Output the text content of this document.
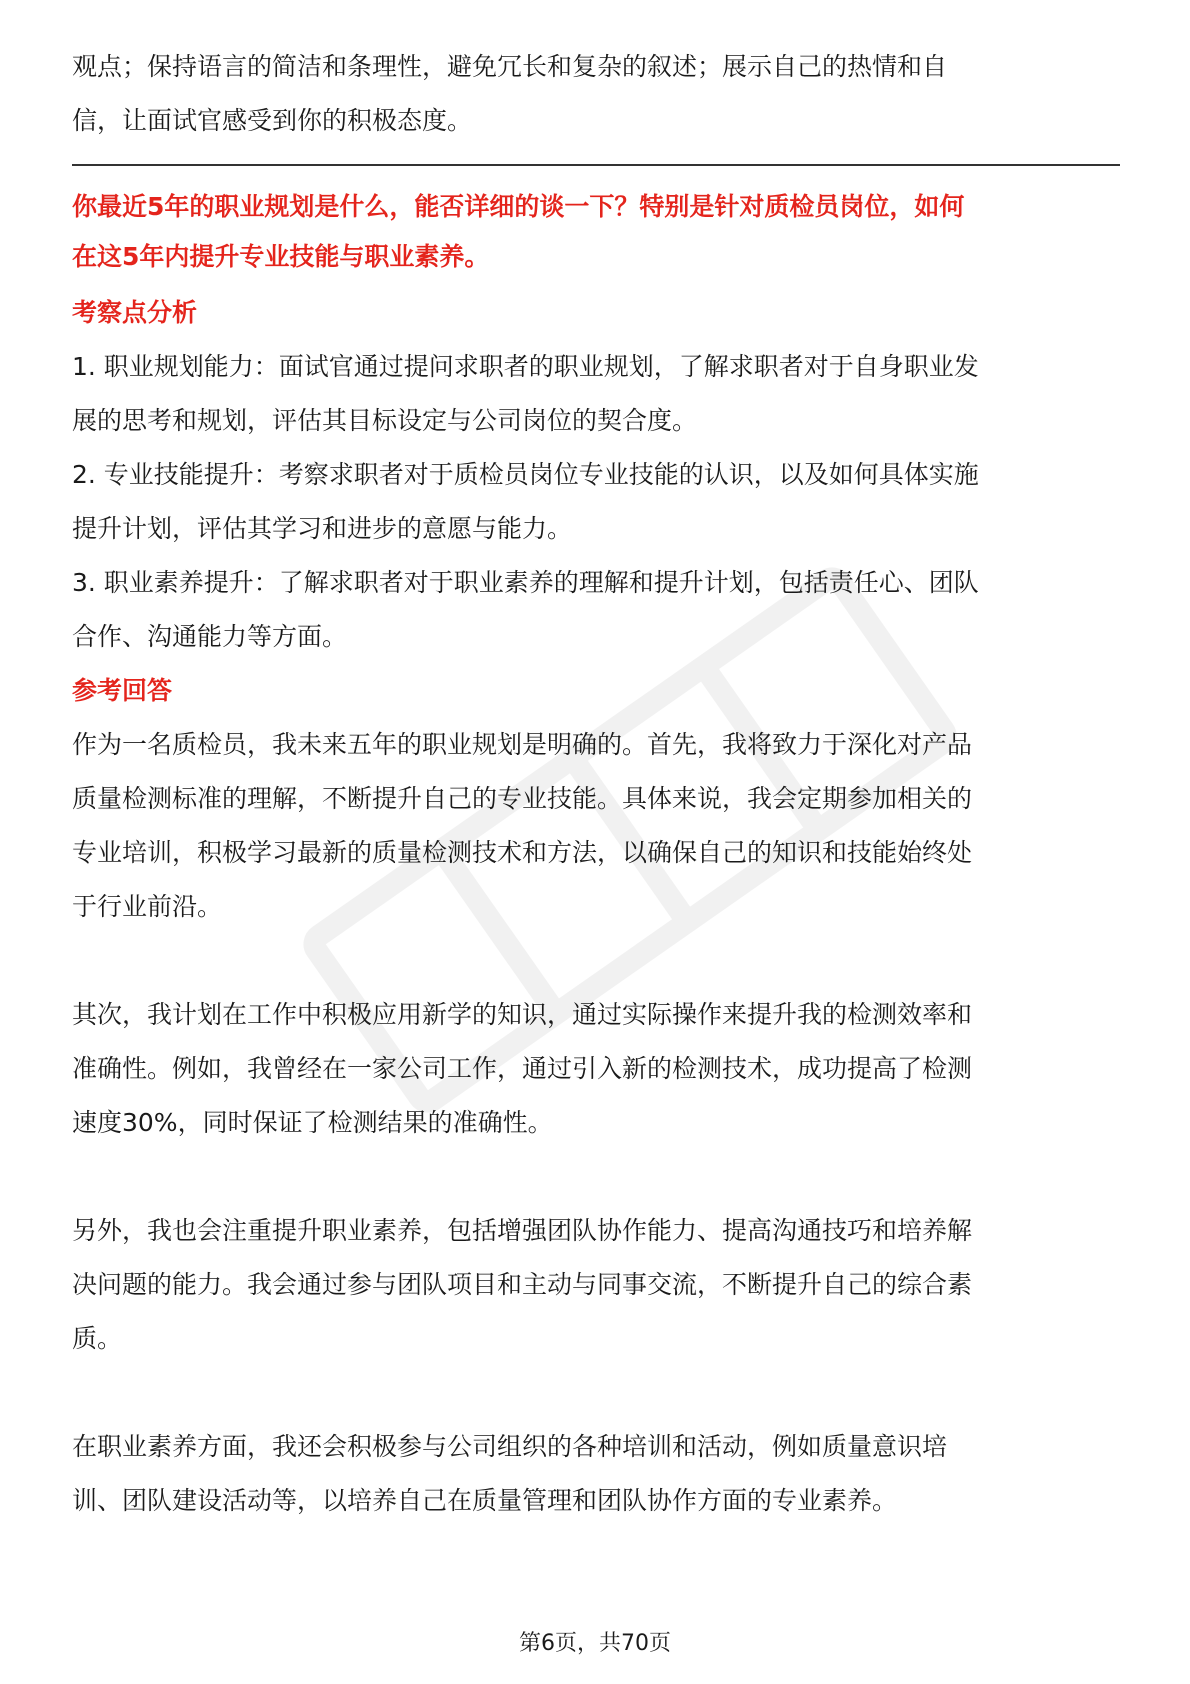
观点；保持语言的简洁和条理性，避免冗长和复杂的叙述；展示自己的热情和自

信，让面试官感受到你的积极态度。

你最近5年的职业规划是什么，能否详细的谈一下？特别是针对质检员岗位，如何

在这5年内提升专业技能与职业素养。

考察点分析

1. 职业规划能力：面试官通过提问求职者的职业规划，了解求职者对于自身职业发

展的思考和规划，评估其目标设定与公司岗位的契合度。

2. 专业技能提升：考察求职者对于质检员岗位专业技能的认识，以及如何具体实施

提升计划，评估其学习和进步的意愿与能力。

3. 职业素养提升：了解求职者对于职业素养的理解和提升计划，包括责任心、团队

合作、沟通能力等方面。

参考回答

作为一名质检员，我未来五年的职业规划是明确的。首先，我将致力于深化对产品

质量检测标准的理解，不断提升自己的专业技能。具体来说，我会定期参加相关的

专业培训，积极学习最新的质量检测技术和方法，以确保自己的知识和技能始终处

于行业前沿。

其次，我计划在工作中积极应用新学的知识，通过实际操作来提升我的检测效率和

准确性。例如，我曾经在一家公司工作，通过引入新的检测技术，成功提高了检测

速度30%，同时保证了检测结果的准确性。

另外，我也会注重提升职业素养，包括增强团队协作能力、提高沟通技巧和培养解

决问题的能力。我会通过参与团队项目和主动与同事交流，不断提升自己的综合素

质。

在职业素养方面，我还会积极参与公司组织的各种培训和活动，例如质量意识培

训、团队建设活动等，以培养自己在质量管理和团队协作方面的专业素养。

第6页，共70页
